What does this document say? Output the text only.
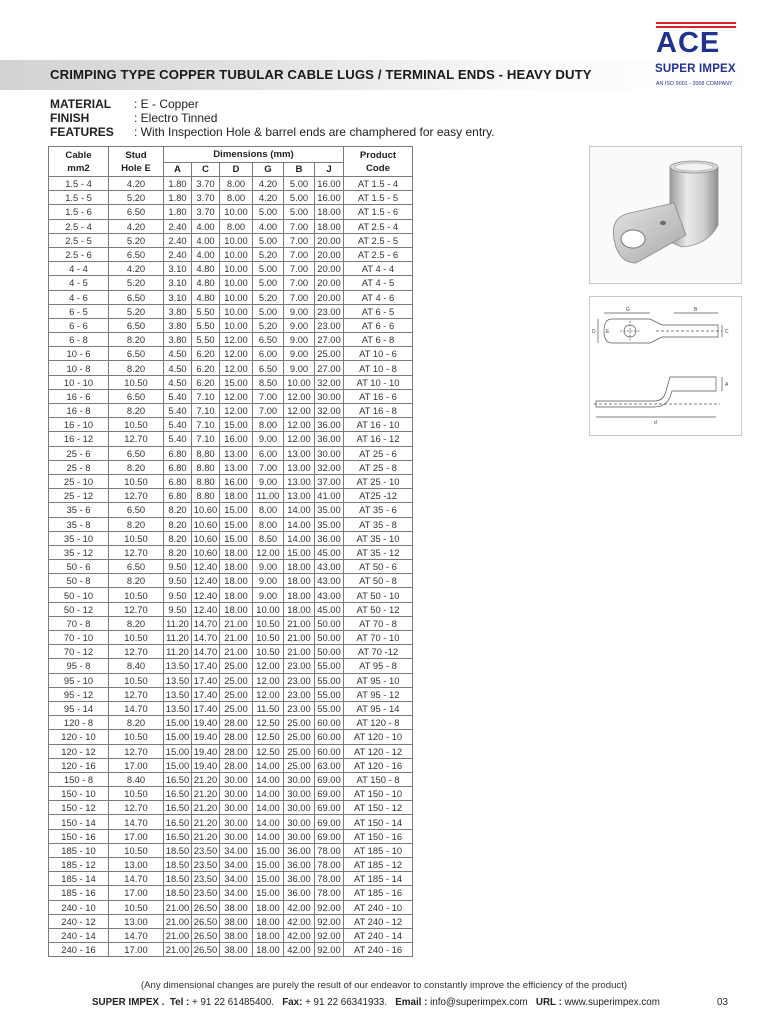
CRIMPING TYPE COPPER TUBULAR CABLE LUGS / TERMINAL ENDS - HEAVY DUTY
ACE
SUPER IMPEX
AN ISO 9001 - 2008 COMPANY
MATERIAL : E - Copper
FINISH	: Electro Tinned
FEATURES : With Inspection Hole & barrel ends are champhered for easy entry.
Cable
mm2	Stud
Hole E	Dimensions (mm)						Product
Code
		A	C	D	G	B	J	
1.5 - 4	4.20	1.80	3.70	8.00	4.20	5.00	16.00	AT 1.5 - 4
1.5 - 5	5.20	1.80	3.70	8.00	4.20	5.00	16.00	AT 1.5 - 5
1.5 - 6	6.50	1.80	3.70	10.00	5.00	5.00	18.00	AT 1.5 - 6
2.5 - 4	4.20	2.40	4.00	8.00	4.00	7.00	18.00	AT 2.5 - 4
2.5 - 5	5.20	2.40	4.00	10.00	5.00	7.00	20.00	AT 2.5 - 5
2.5 - 6	6.50	2.40	4.00	10.00	5.20	7.00	20.00	AT 2.5 - 6
4 - 4	4.20	3.10	4.80	10.00	5.00	7.00	20.00	AT 4 - 4
4 - 5	5.20	3.10	4.80	10.00	5.00	7.00	20.00	AT 4 - 5
4 - 6	6.50	3.10	4.80	10.00	5.20	7.00	20.00	AT 4 - 6
6 - 5	5.20	3.80	5.50	10.00	5.00	9.00	23.00	AT 6 - 5
6 - 6	6.50	3.80	5.50	10.00	5.20	9.00	23.00	AT 6 - 6
6 - 8	8.20	3.80	5.50	12.00	6.50	9.00	27.00	AT 6 - 8
10 - 6	6.50	4.50	6.20	12.00	6.00	9.00	25.00	AT 10 - 6
10 - 8	8.20	4.50	6.20	12.00	6.50	9.00	27.00	AT 10 - 8
10 - 10	10.50	4.50	6.20	15.00	8.50	10.00	32.00	AT 10 - 10
16 - 6	6.50	5.40	7.10	12.00	7.00	12.00	30.00	AT 16 - 6
16 - 8	8.20	5.40	7.10	12.00	7.00	12.00	32.00	AT 16 - 8
16 - 10	10.50	5.40	7.10	15.00	8.00	12.00	36.00	AT 16 - 10
16 - 12	12.70	5.40	7.10	16.00	9.00	12.00	36.00	AT 16 - 12
25 - 6	6.50	6.80	8.80	13.00	6.00	13.00	30.00	AT 25 - 6
25 - 8	8.20	6.80	8.80	13.00	7.00	13.00	32.00	AT 25 - 8
25 - 10	10.50	6.80	8.80	16.00	9.00	13.00	37.00	AT 25 - 10
25 - 12	12.70	6.80	8.80	18.00	11.00	13.00	41.00	AT25 -12
35 - 6	6.50	8.20	10.60	15.00	8.00	14.00	35.00	AT 35 - 6
35 - 8	8.20	8.20	10.60	15.00	8.00	14.00	35.00	AT 35 - 8
35 - 10	10.50	8.20	10.60	15.00	8.50	14.00	36.00	AT 35 - 10
35 - 12	12.70	8.20	10.60	18.00	12.00	15.00	45.00	AT 35 - 12
50 - 6	6.50	9.50	12.40	18.00	9.00	18.00	43.00	AT 50 - 6
50 - 8	8.20	9.50	12.40	18.00	9.00	18.00	43.00	AT 50 - 8
50 - 10	10.50	9.50	12.40	18.00	9.00	18.00	43.00	AT 50 - 10
50 - 12	12.70	9.50	12.40	18.00	10.00	18.00	45.00	AT 50 - 12
70 - 8	8.20	11.20	14.70	21.00	10.50	21.00	50.00	AT 70 - 8
70 - 10	10.50	11.20	14.70	21.00	10.50	21.00	50.00	AT 70 - 10
70 - 12	12.70	11.20	14.70	21.00	10.50	21.00	50.00	AT 70 -12
95 - 8	8.40	13.50	17.40	25.00	12.00	23.00	55.00	AT 95 - 8
95 - 10	10.50	13.50	17.40	25.00	12.00	23.00	55.00	AT 95 - 10
95 - 12	12.70	13.50	17.40	25.00	12.00	23.00	55.00	AT 95 - 12
95 - 14	14.70	13.50	17.40	25.00	11.50	23.00	55.00	AT 95 - 14
120 - 8	8.20	15.00	19.40	28.00	12.50	25.00	60.00	AT 120 - 8
120 - 10	10.50	15.00	19.40	28.00	12.50	25.00	60.00	AT 120 - 10
120 - 12	12.70	15.00	19.40	28.00	12.50	25.00	60.00	AT 120 - 12
120 - 16	17.00	15.00	19.40	28.00	14.00	25.00	63.00	AT 120 - 16
150 - 8	8.40	16.50	21.20	30.00	14.00	30.00	69.00	AT 150 - 8
150 - 10	10.50	16.50	21.20	30.00	14.00	30.00	69.00	AT 150 - 10
150 - 12	12.70	16.50	21.20	30.00	14.00	30.00	69.00	AT 150 - 12
150 - 14	14.70	16.50	21.20	30.00	14.00	30.00	69.00	AT 150 - 14
150 - 16	17.00	16.50	21.20	30.00	14.00	30.00	69.00	AT 150 - 16
185 - 10	10.50	18.50	23.50	34.00	15.00	36.00	78.00	AT 185 - 10
185 - 12	13.00	18.50	23.50	34.00	15.00	36.00	78.00	AT 185 - 12
185 - 14	14.70	18.50	23.50	34.00	15.00	36.00	78.00	AT 185 - 14
185 - 16	17.00	18.50	23.50	34.00	15.00	36.00	78.00	AT 185 - 16
240 - 10	10.50	21.00	26.50	38.00	18.00	42.00	92.00	AT 240 - 10
240 - 12	13.00	21.00	26.50	38.00	18.00	42.00	92.00	AT 240 - 12
240 - 14	14.70	21.00	26.50	38.00	18.00	42.00	92.00	AT 240 - 14
240 - 16	17.00	21.00	26.50	38.00	18.00	42.00	92.00	AT 240 - 16
G	B
C
D E
A
d
(Any dimensional changes are purely the result of our endeavor to constantly improve the efficiency of the product)
SUPER IMPEX . Tel : + 91 22 61485400. Fax: + 91 22 66341933. Email : info@superimpex.com URL : www.superimpex.com	03
